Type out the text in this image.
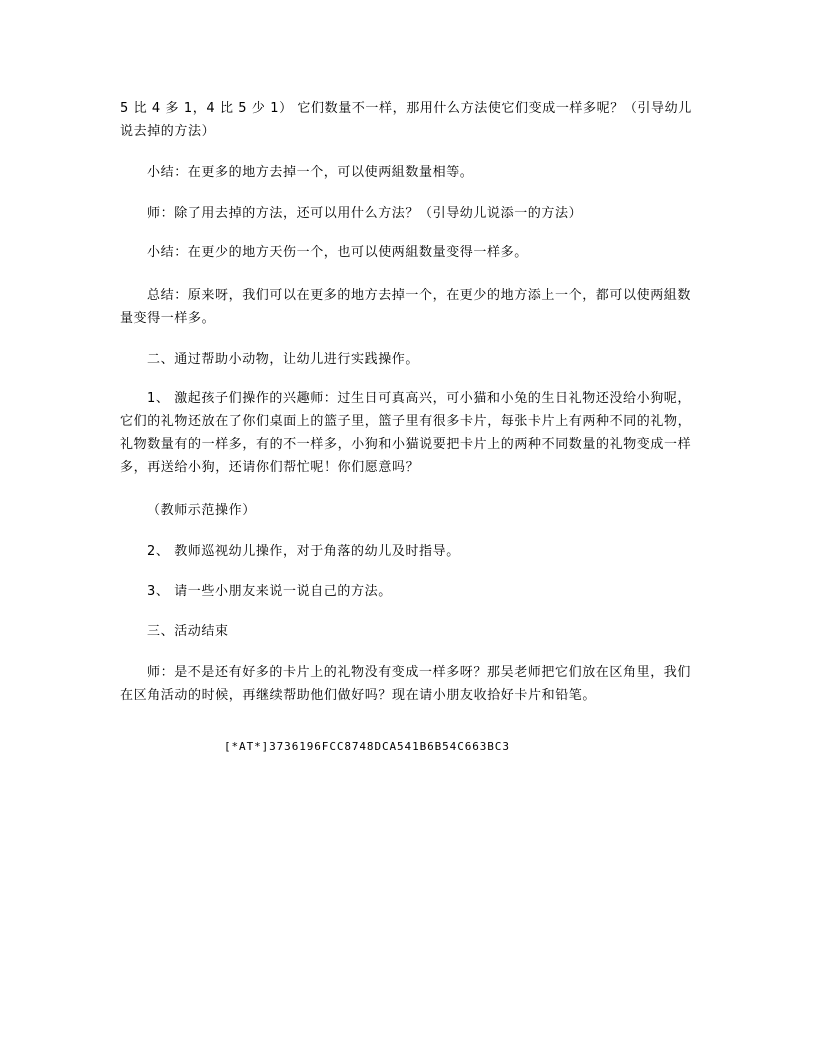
5 比 4 多 1，4 比 5 少 1） 它们数量不一样，那用什么方法使它们变成一样多呢？（引导幼儿说去掉的方法）

小结：在更多的地方去掉一个，可以使两組数量相等。

师：除了用去掉的方法，还可以用什么方法？（引导幼儿说添一的方法）

小结：在更少的地方天伤一个，也可以使两組数量变得一样多。

总结：原来呀，我们可以在更多的地方去掉一个，在更少的地方添上一个，都可以使两組数量变得一样多。

二、通过帮助小动物，让幼儿进行实践操作。

1、 激起孩子们操作的兴趣师：过生日可真高兴，可小猫和小兔的生日礼物还没给小狗呢，它们的礼物还放在了你们桌面上的篮子里，篮子里有很多卡片，每张卡片上有两种不同的礼物，礼物数量有的一样多，有的不一样多，小狗和小猫说要把卡片上的两种不同数量的礼物变成一样多，再送给小狗，还请你们帮忙呢！你们愿意吗？

（教师示范操作）

2、 教师巡视幼儿操作，对于角落的幼儿及时指导。

3、 请一些小朋友来说一说自己的方法。

三、活动结束

师：是不是还有好多的卡片上的礼物没有变成一样多呀？那吴老师把它们放在区角里，我们在区角活动的时候，再继续帮助他们做好吗？现在请小朋友收拾好卡片和铅笔。

[*AT*]3736196FCC8748DCA541B6B54C663BC3
